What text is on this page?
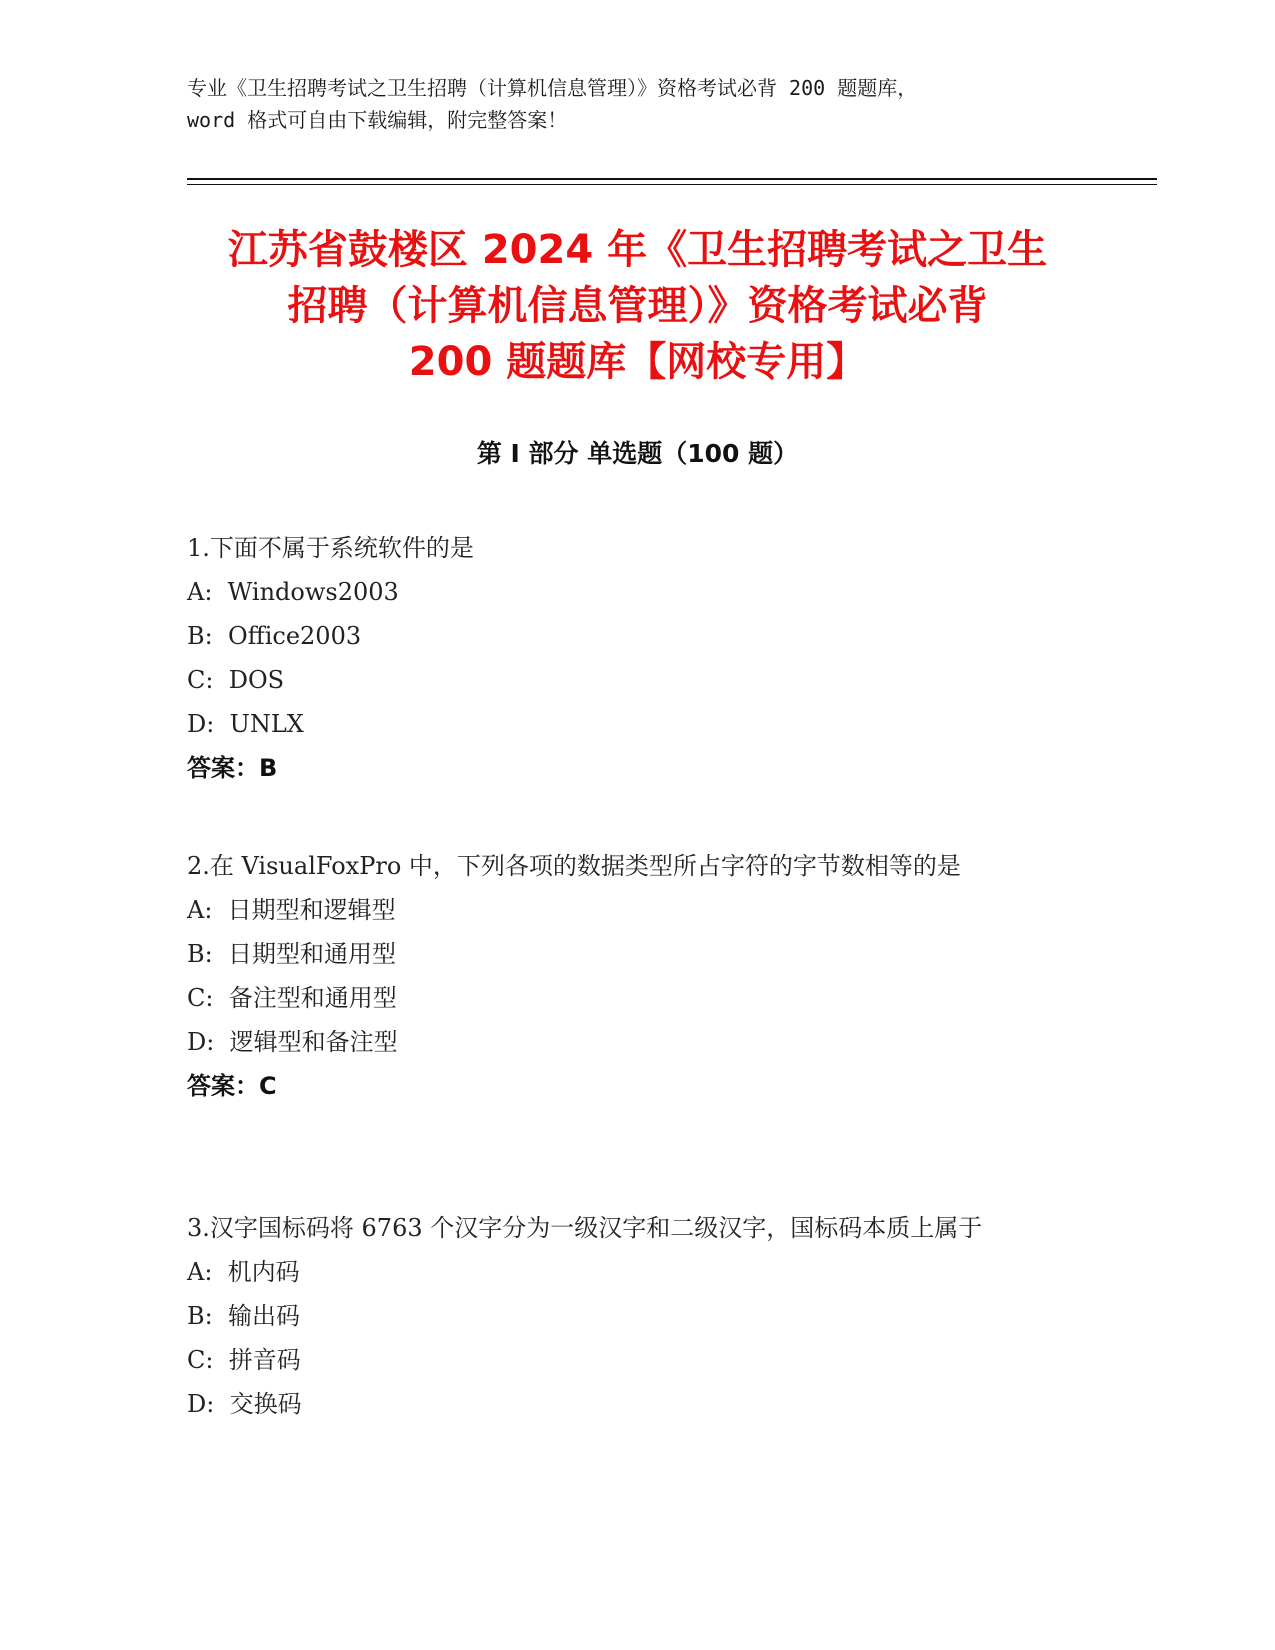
专业《卫生招聘考试之卫生招聘（计算机信息管理）》资格考试必背 200 题题库，
word 格式可自由下载编辑，附完整答案！
江苏省鼓楼区 2024 年《卫生招聘考试之卫生
招聘（计算机信息管理）》资格考试必背
200 题题库【网校专用】
第 I 部分 单选题（100 题）

1.下面不属于系统软件的是

A:  Windows2003

B:  Office2003

C:  DOS

D:  UNLX

答案：B

2.在 VisualFoxPro 中，下列各项的数据类型所占字符的字节数相等的是

A:  日期型和逻辑型

B:  日期型和通用型

C:  备注型和通用型

D:  逻辑型和备注型

答案：C

3.汉字国标码将 6763 个汉字分为一级汉字和二级汉字，国标码本质上属于

A:  机内码

B:  输出码

C:  拼音码

D:  交换码
